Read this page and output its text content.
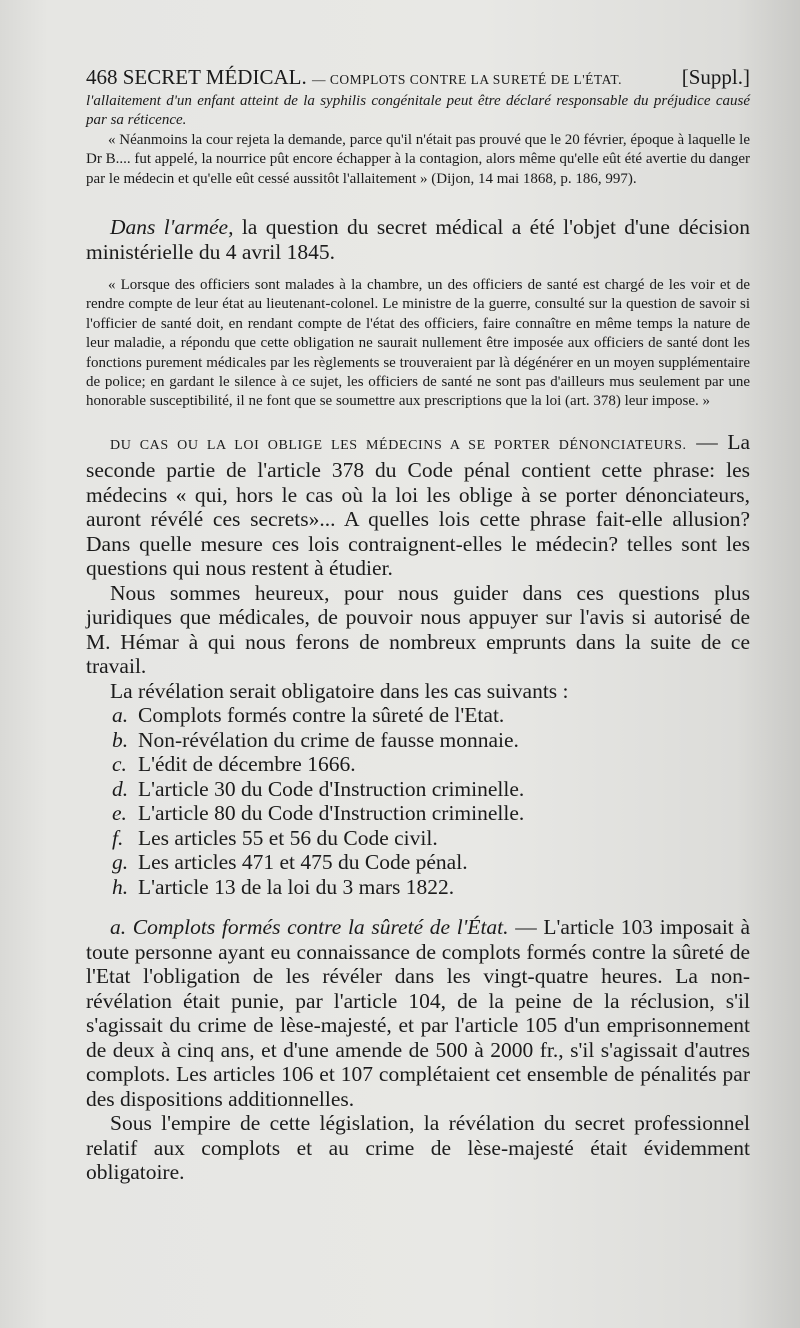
468 SECRET MÉDICAL. — COMPLOTS CONTRE LA SURETÉ DE L'ÉTAT.	[Suppl.]

l'allaitement d'un enfant atteint de la syphilis congénitale peut être déclaré responsable du préjudice causé par sa réticence.

« Néanmoins la cour rejeta la demande, parce qu'il n'était pas prouvé que le 20 février, époque à laquelle le Dr B.... fut appelé, la nourrice pût encore échapper à la contagion, alors même qu'elle eût été avertie du danger par le médecin et qu'elle eût cessé aussitôt l'allaitement » (Dijon, 14 mai 1868, p. 186, 997).

Dans l'armée, la question du secret médical a été l'objet d'une décision ministérielle du 4 avril 1845.

« Lorsque des officiers sont malades à la chambre, un des officiers de santé est chargé de les voir et de rendre compte de leur état au lieutenant-colonel. Le ministre de la guerre, consulté sur la question de savoir si l'officier de santé doit, en rendant compte de l'état des officiers, faire connaître en même temps la nature de leur maladie, a répondu que cette obligation ne saurait nullement être imposée aux officiers de santé dont les fonctions purement médicales par les règlements se trouveraient par là dégénérer en un moyen supplémentaire de police; en gardant le silence à ce sujet, les officiers de santé ne sont pas d'ailleurs mus seulement par une honorable susceptibilité, il ne font que se soumettre aux prescriptions que la loi (art. 378) leur impose. »

DU CAS OU LA LOI OBLIGE LES MÉDECINS A SE PORTER DÉNONCIATEURS. — La seconde partie de l'article 378 du Code pénal contient cette phrase: les médecins « qui, hors le cas où la loi les oblige à se porter dénonciateurs, auront révélé ces secrets»... A quelles lois cette phrase fait-elle allusion? Dans quelle mesure ces lois contraignent-elles le médecin? telles sont les questions qui nous restent à étudier.

Nous sommes heureux, pour nous guider dans ces questions plus juridiques que médicales, de pouvoir nous appuyer sur l'avis si autorisé de M. Hémar à qui nous ferons de nombreux emprunts dans la suite de ce travail.

La révélation serait obligatoire dans les cas suivants :

a. Complots formés contre la sûreté de l'Etat.
b. Non-révélation du crime de fausse monnaie.
c. L'édit de décembre 1666.
d. L'article 30 du Code d'Instruction criminelle.
e. L'article 80 du Code d'Instruction criminelle.
f. Les articles 55 et 56 du Code civil.
g. Les articles 471 et 475 du Code pénal.
h. L'article 13 de la loi du 3 mars 1822.

a. Complots formés contre la sûreté de l'État. — L'article 103 imposait à toute personne ayant eu connaissance de complots formés contre la sûreté de l'Etat l'obligation de les révéler dans les vingt-quatre heures. La non-révélation était punie, par l'article 104, de la peine de la réclusion, s'il s'agissait du crime de lèse-majesté, et par l'article 105 d'un emprisonnement de deux à cinq ans, et d'une amende de 500 à 2000 fr., s'il s'agissait d'autres complots. Les articles 106 et 107 complétaient cet ensemble de pénalités par des dispositions additionnelles.

Sous l'empire de cette législation, la révélation du secret professionnel relatif aux complots et au crime de lèse-majesté était évidemment obligatoire.
